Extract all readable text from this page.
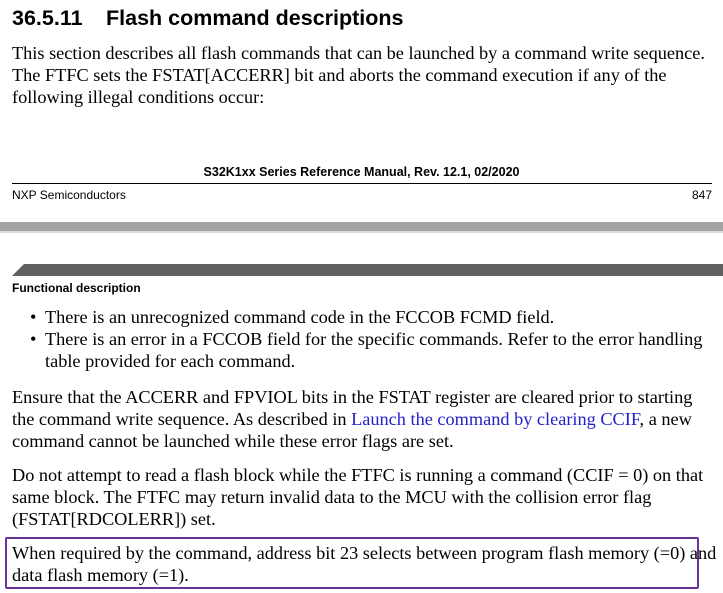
36.5.11 Flash command descriptions

This section describes all flash commands that can be launched by a command write sequence. The FTFC sets the FSTAT[ACCERR] bit and aborts the command execution if any of the following illegal conditions occur:

S32K1xx Series Reference Manual, Rev. 12.1, 02/2020
NXP Semiconductors	847
Functional description
• There is an unrecognized command code in the FCCOB FCMD field.
• There is an error in a FCCOB field for the specific commands. Refer to the error handling table provided for each command.

Ensure that the ACCERR and FPVIOL bits in the FSTAT register are cleared prior to starting the command write sequence. As described in Launch the command by clearing CCIF, a new command cannot be launched while these error flags are set.

Do not attempt to read a flash block while the FTFC is running a command (CCIF = 0) on that same block. The FTFC may return invalid data to the MCU with the collision error flag (FSTAT[RDCOLERR]) set.

When required by the command, address bit 23 selects between program flash memory (=0) and data flash memory (=1).
